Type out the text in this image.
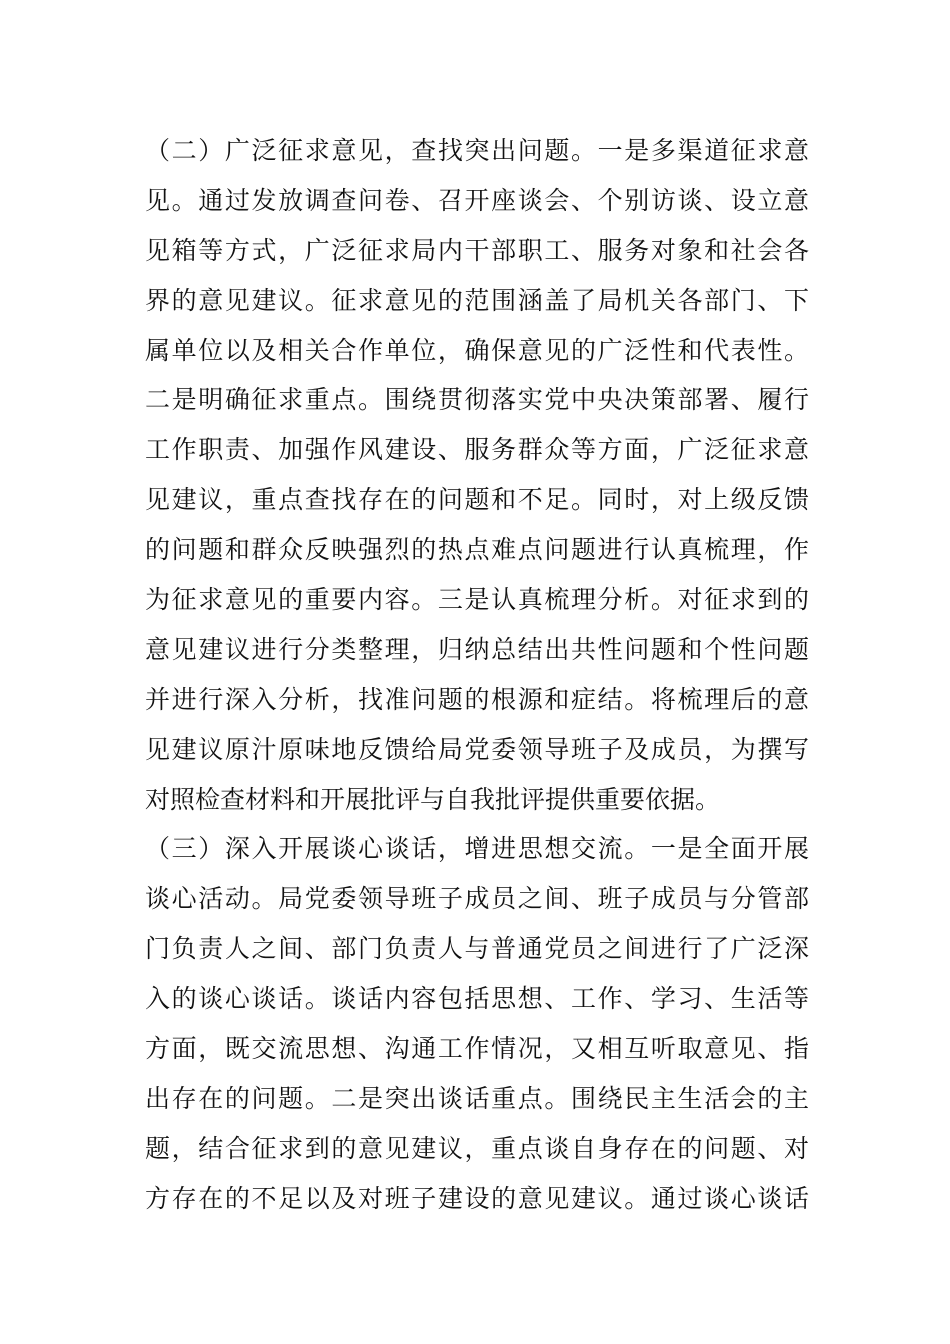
（二）广泛征求意见，查找突出问题。一是多渠道征求意
见。通过发放调查问卷、召开座谈会、个别访谈、设立意
见箱等方式，广泛征求局内干部职工、服务对象和社会各
界的意见建议。征求意见的范围涵盖了局机关各部门、下
属单位以及相关合作单位，确保意见的广泛性和代表性。
二是明确征求重点。围绕贯彻落实党中央决策部署、履行
工作职责、加强作风建设、服务群众等方面，广泛征求意
见建议，重点查找存在的问题和不足。同时，对上级反馈
的问题和群众反映强烈的热点难点问题进行认真梳理，作
为征求意见的重要内容。三是认真梳理分析。对征求到的
意见建议进行分类整理，归纳总结出共性问题和个性问题
并进行深入分析，找准问题的根源和症结。将梳理后的意
见建议原汁原味地反馈给局党委领导班子及成员，为撰写
对照检查材料和开展批评与自我批评提供重要依据。
（三）深入开展谈心谈话，增进思想交流。一是全面开展
谈心活动。局党委领导班子成员之间、班子成员与分管部
门负责人之间、部门负责人与普通党员之间进行了广泛深
入的谈心谈话。谈话内容包括思想、工作、学习、生活等
方面，既交流思想、沟通工作情况，又相互听取意见、指
出存在的问题。二是突出谈话重点。围绕民主生活会的主
题，结合征求到的意见建议，重点谈自身存在的问题、对
方存在的不足以及对班子建设的意见建议。通过谈心谈话
